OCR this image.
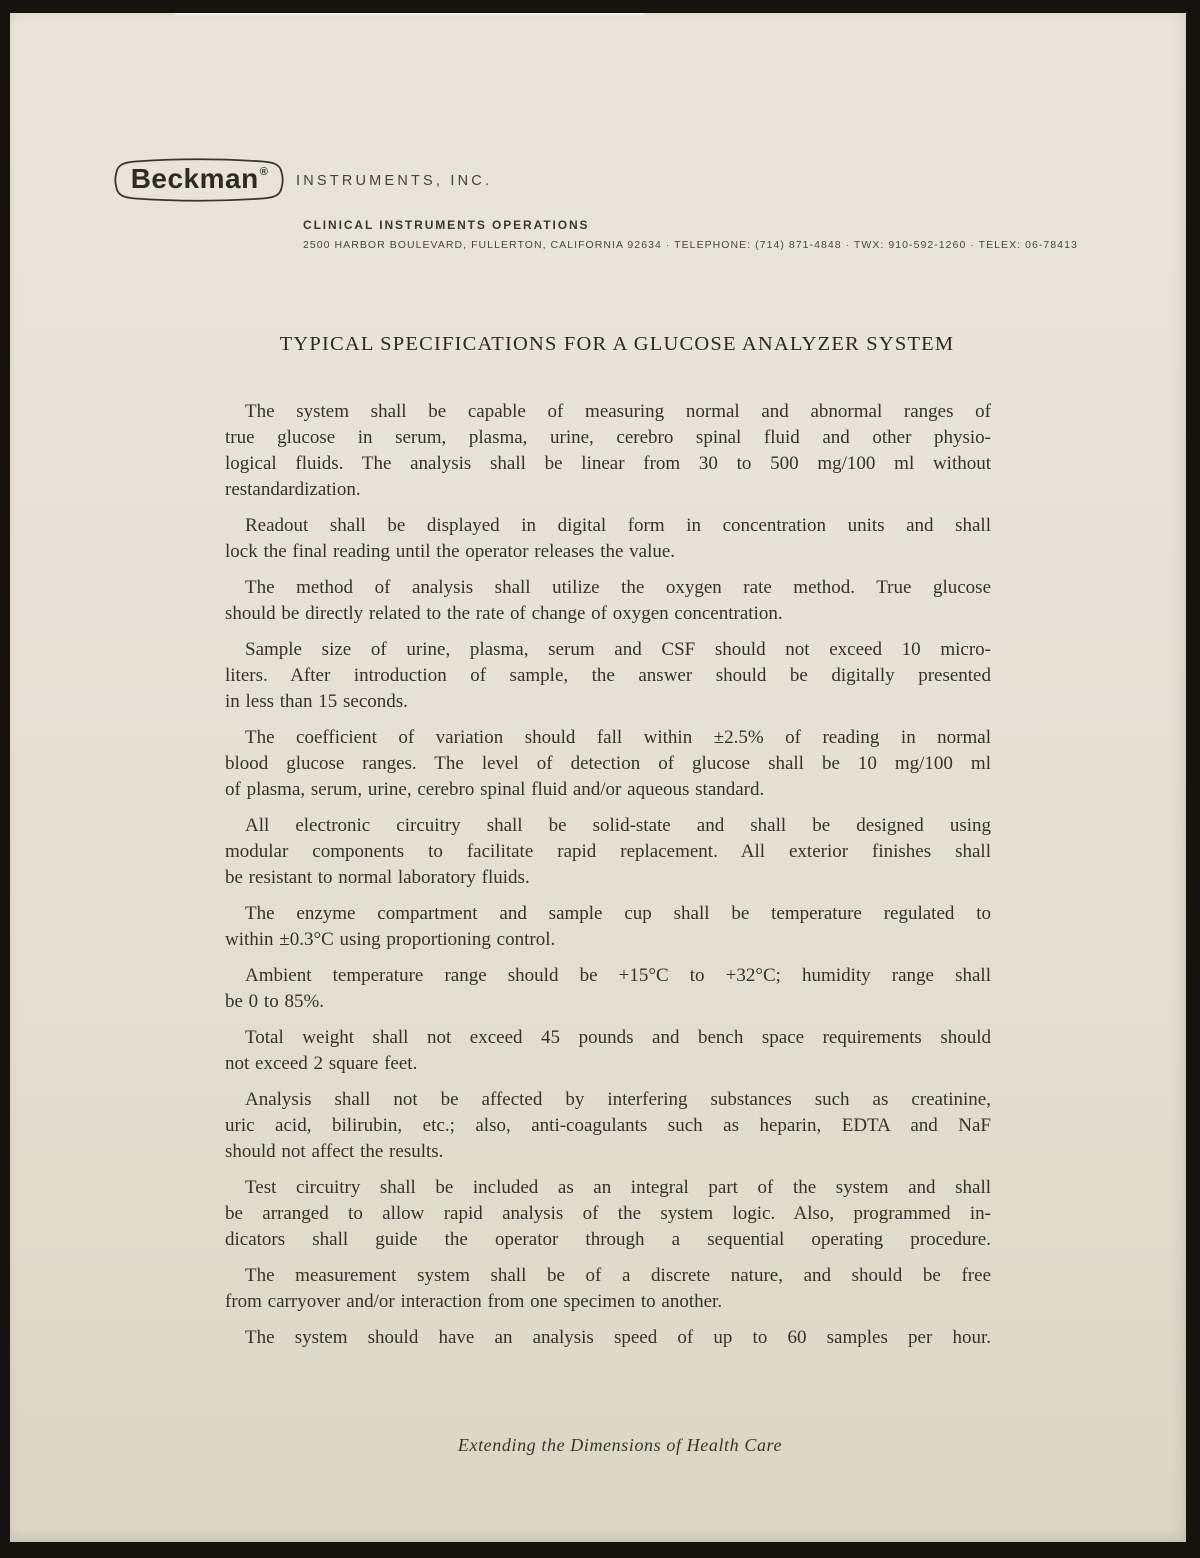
Beckman®
INSTRUMENTS, INC.
CLINICAL INSTRUMENTS OPERATIONS
2500 HARBOR BOULEVARD, FULLERTON, CALIFORNIA 92634 · TELEPHONE: (714) 871-4848 · TWX: 910-592-1260 · TELEX: 06-78413
TYPICAL SPECIFICATIONS FOR A GLUCOSE ANALYZER SYSTEM
The system shall be capable of measuring normal and abnormal ranges of
true glucose in serum, plasma, urine, cerebro spinal fluid and other physio-
logical fluids. The analysis shall be linear from 30 to 500 mg/100 ml without
restandardization.
Readout shall be displayed in digital form in concentration units and shall
lock the final reading until the operator releases the value.
The method of analysis shall utilize the oxygen rate method. True glucose
should be directly related to the rate of change of oxygen concentration.
Sample size of urine, plasma, serum and CSF should not exceed 10 micro-
liters. After introduction of sample, the answer should be digitally presented
in less than 15 seconds.
The coefficient of variation should fall within ±2.5% of reading in normal
blood glucose ranges. The level of detection of glucose shall be 10 mg/100 ml
of plasma, serum, urine, cerebro spinal fluid and/or aqueous standard.
All electronic circuitry shall be solid-state and shall be designed using
modular components to facilitate rapid replacement. All exterior finishes shall
be resistant to normal laboratory fluids.
The enzyme compartment and sample cup shall be temperature regulated to
within ±0.3°C using proportioning control.
Ambient temperature range should be +15°C to +32°C; humidity range shall
be 0 to 85%.
Total weight shall not exceed 45 pounds and bench space requirements should
not exceed 2 square feet.
Analysis shall not be affected by interfering substances such as creatinine,
uric acid, bilirubin, etc.; also, anti-coagulants such as heparin, EDTA and NaF
should not affect the results.
Test circuitry shall be included as an integral part of the system and shall
be arranged to allow rapid analysis of the system logic. Also, programmed in-
dicators shall guide the operator through a sequential operating procedure.
The measurement system shall be of a discrete nature, and should be free
from carryover and/or interaction from one specimen to another.
The system should have an analysis speed of up to 60 samples per hour.
Extending the Dimensions of Health Care
